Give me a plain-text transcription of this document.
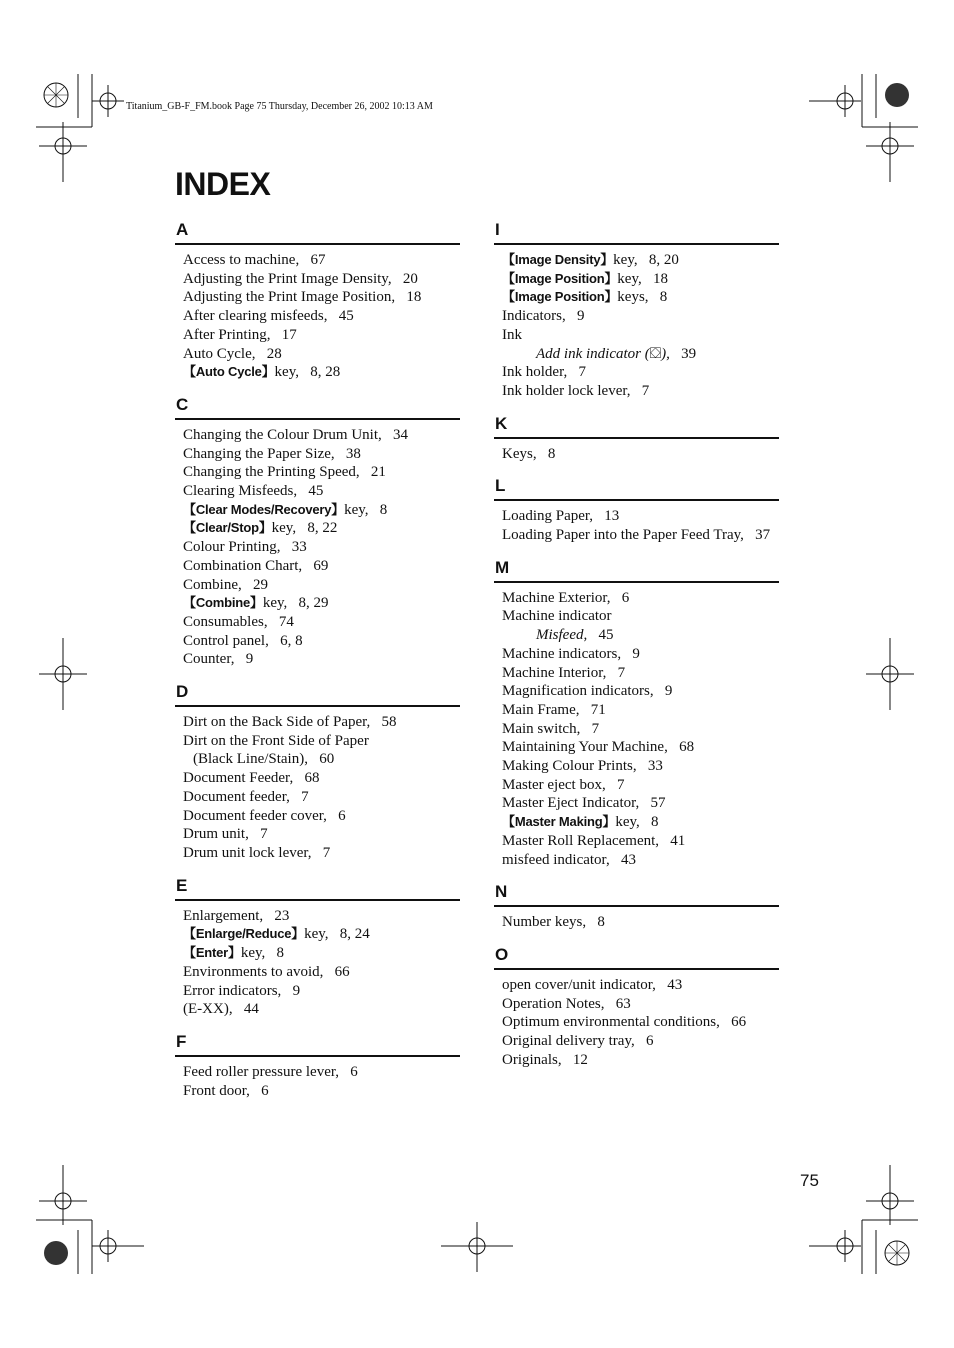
Titanium_GB-F_FM.book Page 75 Thursday, December 26, 2002 10:13 AM
INDEX
A
Access to machine, 67
Adjusting the Print Image Density, 20
Adjusting the Print Image Position, 18
After clearing misfeeds, 45
After Printing, 17
Auto Cycle, 28
【Auto Cycle】key, 8, 28
C
Changing the Colour Drum Unit, 34
Changing the Paper Size, 38
Changing the Printing Speed, 21
Clearing Misfeeds, 45
【Clear Modes/Recovery】key, 8
【Clear/Stop】key, 8, 22
Colour Printing, 33
Combination Chart, 69
Combine, 29
【Combine】key, 8, 29
Consumables, 74
Control panel, 6, 8
Counter, 9
D
Dirt on the Back Side of Paper, 58
Dirt on the Front Side of Paper
(Black Line/Stain), 60
Document Feeder, 68
Document feeder, 7
Document feeder cover, 6
Drum unit, 7
Drum unit lock lever, 7
E
Enlargement, 23
【Enlarge/Reduce】key, 8, 24
【Enter】key, 8
Environments to avoid, 66
Error indicators, 9
(E-XX), 44
F
Feed roller pressure lever, 6
Front door, 6
I
【Image Density】key, 8, 20
【Image Position】key, 18
【Image Position】keys, 8
Indicators, 9
Ink
Add ink indicator (⛋), 39
Ink holder, 7
Ink holder lock lever, 7
K
Keys, 8
L
Loading Paper, 13
Loading Paper into the Paper Feed Tray, 37
M
Machine Exterior, 6
Machine indicator
Misfeed, 45
Machine indicators, 9
Machine Interior, 7
Magnification indicators, 9
Main Frame, 71
Main switch, 7
Maintaining Your Machine, 68
Making Colour Prints, 33
Master eject box, 7
Master Eject Indicator, 57
【Master Making】key, 8
Master Roll Replacement, 41
misfeed indicator, 43
N
Number keys, 8
O
open cover/unit indicator, 43
Operation Notes, 63
Optimum environmental conditions, 66
Original delivery tray, 6
Originals, 12
75
